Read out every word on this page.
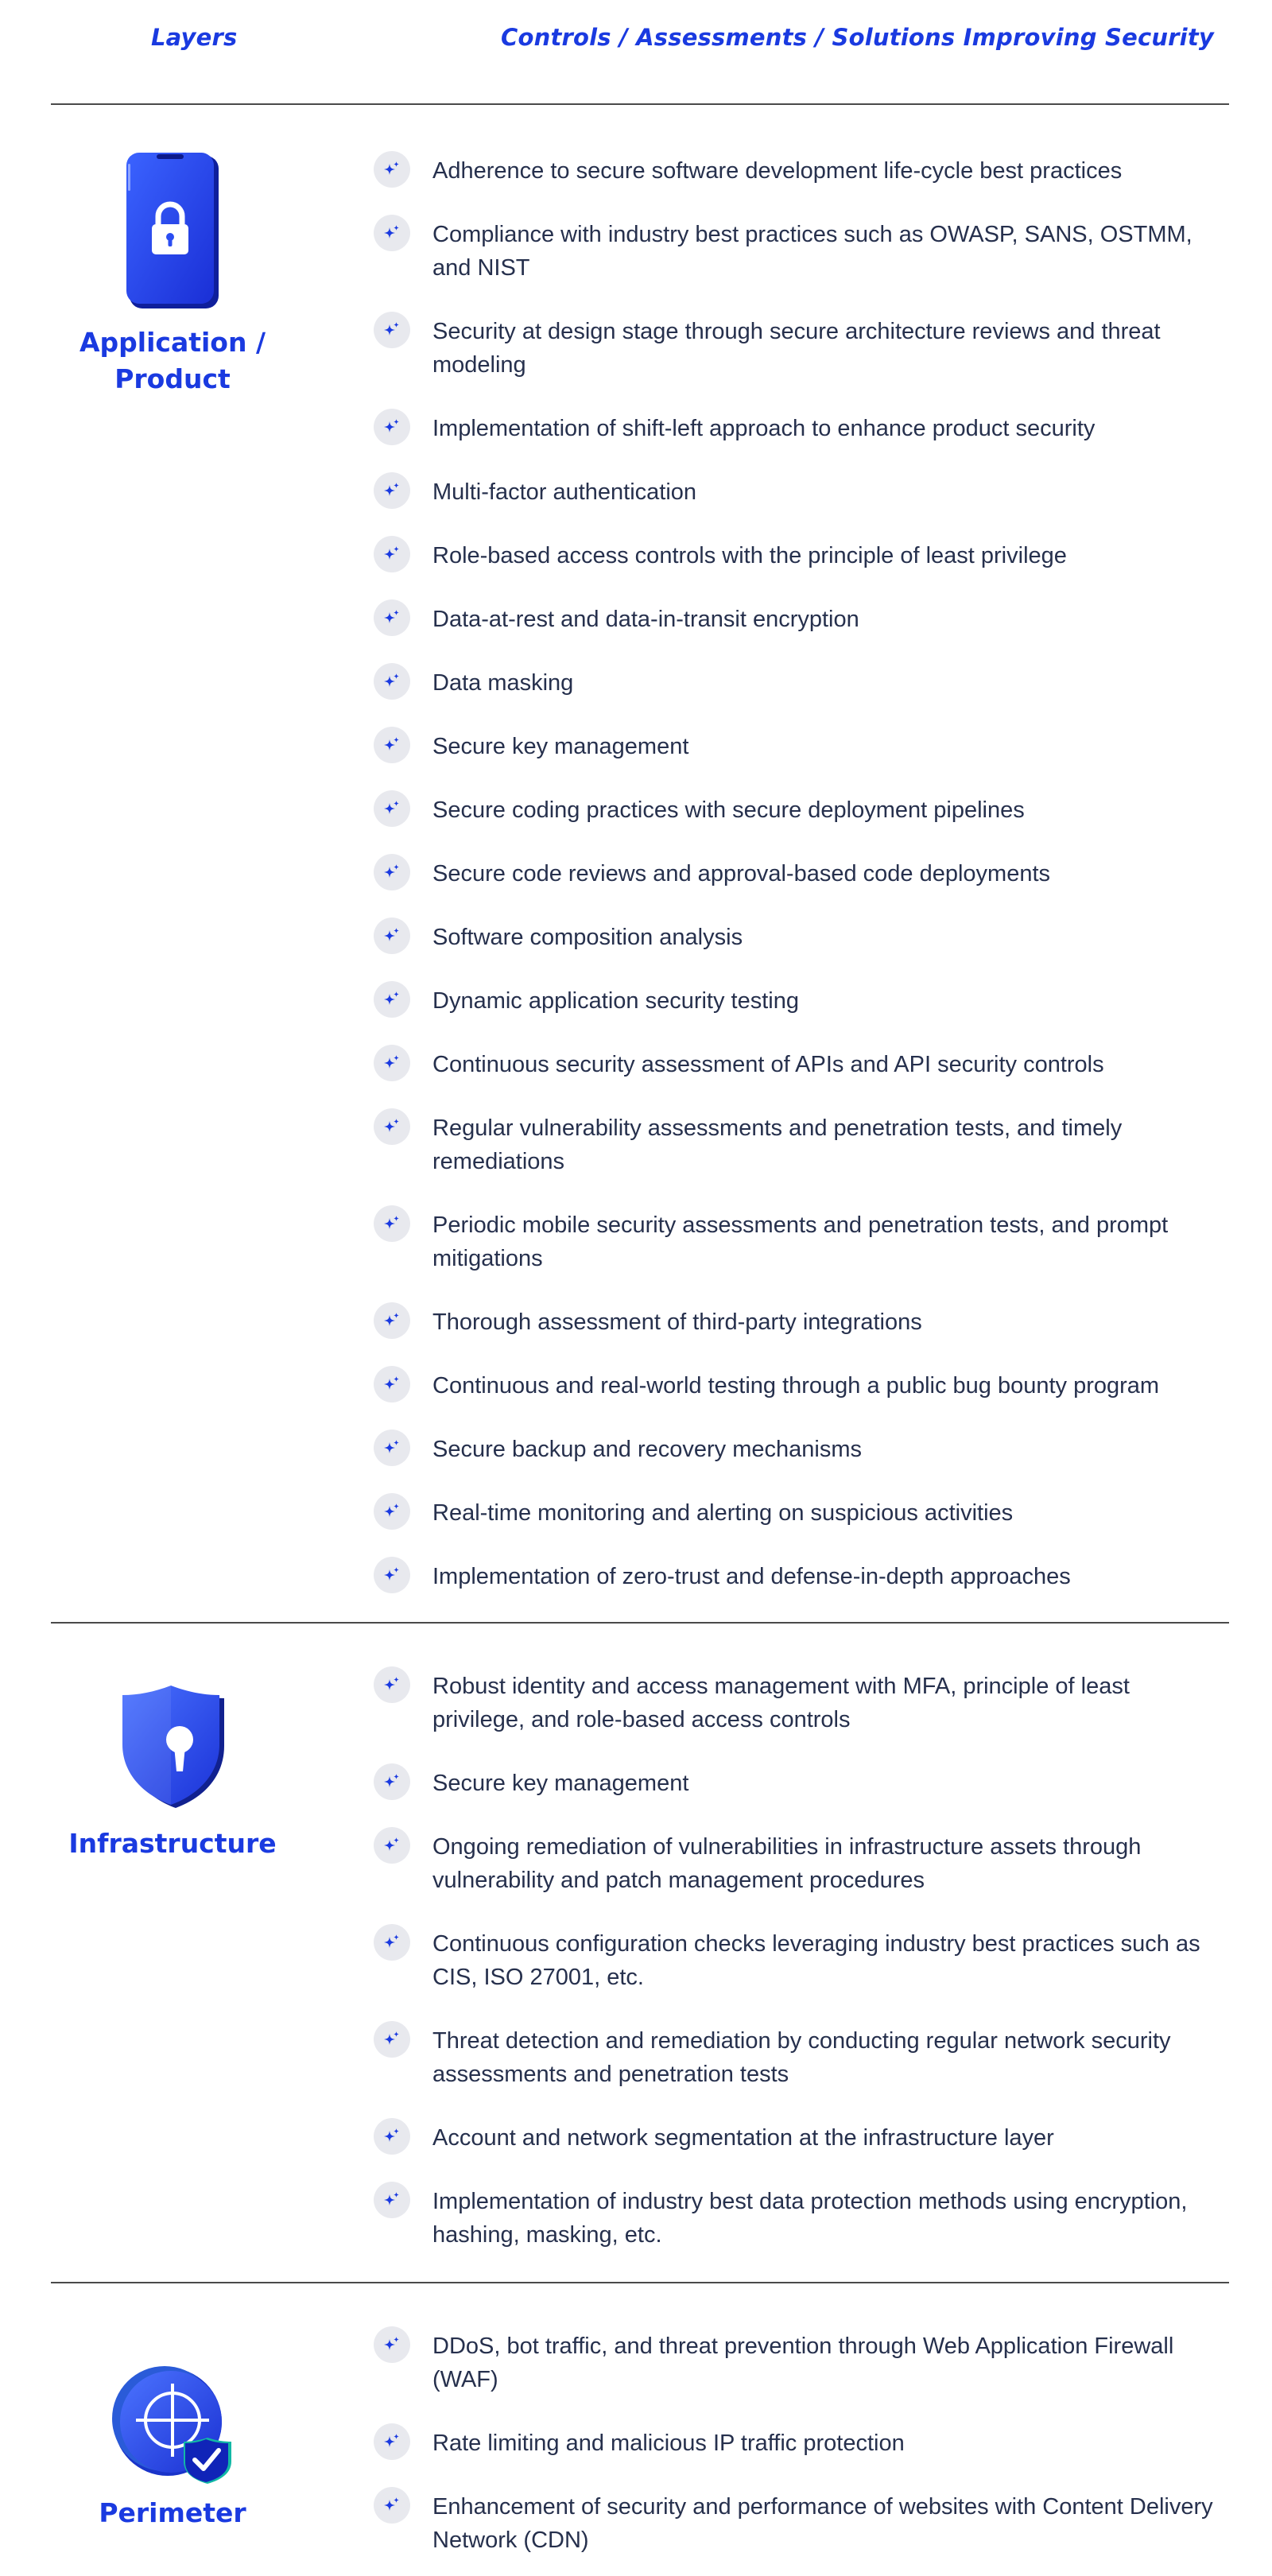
Layers	Controls / Assessments / Solutions Improving Security
Application /
Product
Adherence to secure software development life-cycle best practices
Compliance with industry best practices such as OWASP, SANS, OSTMM, and NIST
Security at design stage through secure architecture reviews and threat modeling
Implementation of shift-left approach to enhance product security
Multi-factor authentication
Role-based access controls with the principle of least privilege
Data-at-rest and data-in-transit encryption
Data masking
Secure key management
Secure coding practices with secure deployment pipelines
Secure code reviews and approval-based code deployments
Software composition analysis
Dynamic application security testing
Continuous security assessment of APIs and API security controls
Regular vulnerability assessments and penetration tests, and timely remediations
Periodic mobile security assessments and penetration tests, and prompt mitigations
Thorough assessment of third-party integrations
Continuous and real-world testing through a public bug bounty program
Secure backup and recovery mechanisms
Real-time monitoring and alerting on suspicious activities
Implementation of zero-trust and defense-in-depth approaches
Infrastructure
Robust identity and access management with MFA, principle of least privilege, and role-based access controls
Secure key management
Ongoing remediation of vulnerabilities in infrastructure assets through vulnerability and patch management procedures
Continuous configuration checks leveraging industry best practices such as CIS, ISO 27001, etc.
Threat detection and remediation by conducting regular network security assessments and penetration tests
Account and network segmentation at the infrastructure layer
Implementation of industry best data protection methods using encryption, hashing, masking, etc.
Perimeter
DDoS, bot traffic, and threat prevention through Web Application Firewall (WAF)
Rate limiting and malicious IP traffic protection
Enhancement of security and performance of websites with Content Delivery Network (CDN)
